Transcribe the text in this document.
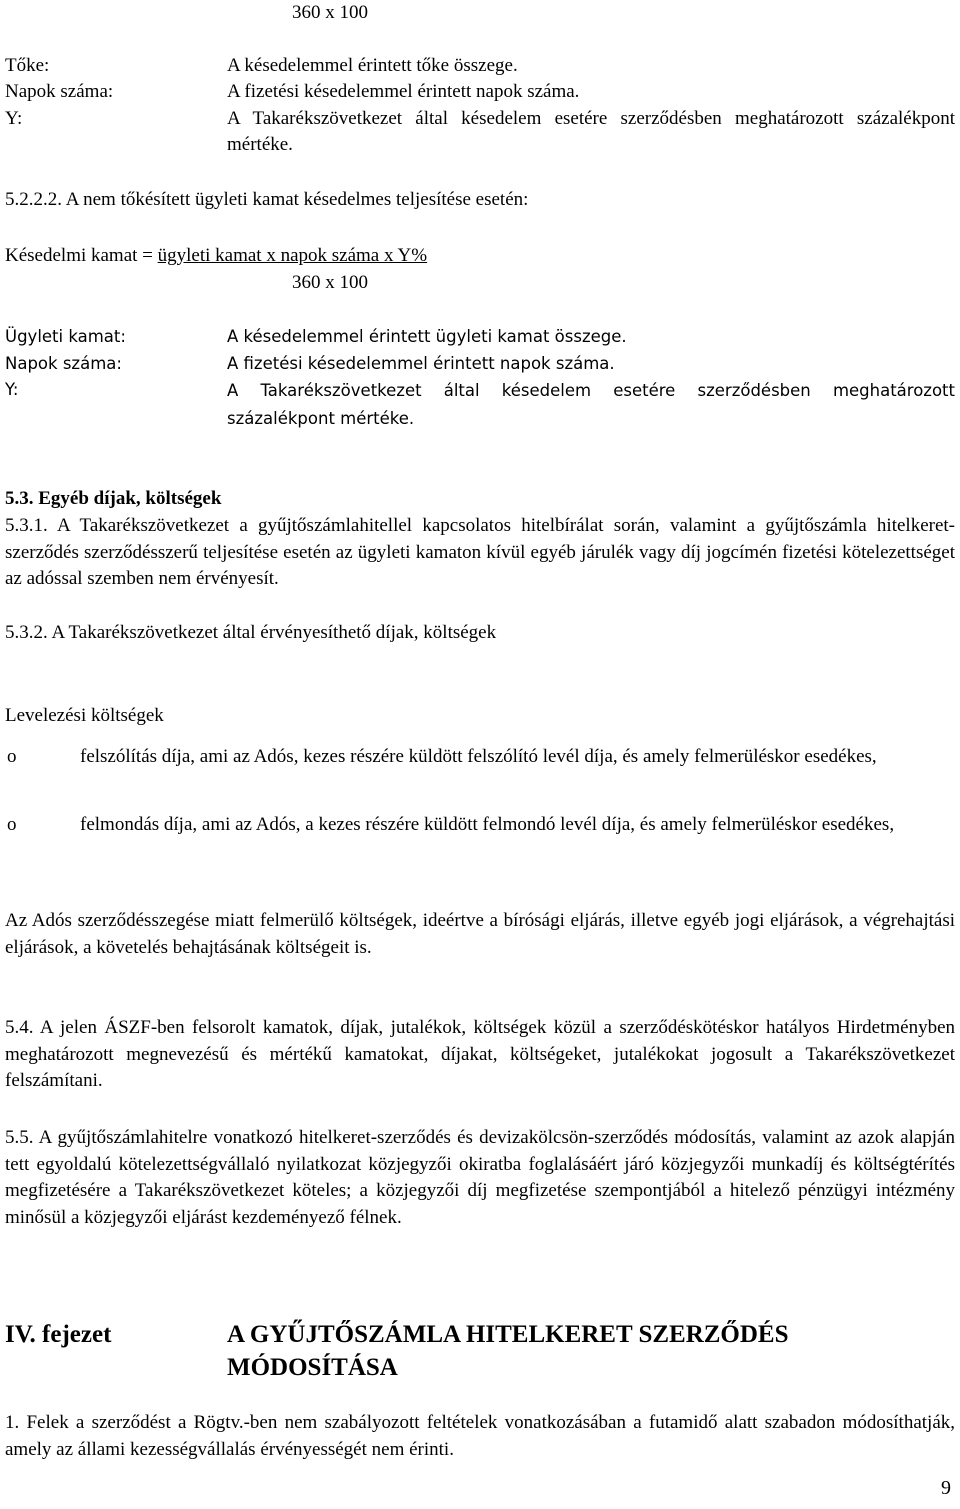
360 x 100
Tőke:	A késedelemmel érintett tőke összege.
Napok száma:	A fizetési késedelemmel érintett napok száma.
Y:	A Takarékszövetkezet által késedelem esetére szerződésben meghatározott százalékpont mértéke.
5.2.2.2. A nem tőkésített ügyleti kamat késedelmes teljesítése esetén:
Késedelmi kamat = ügyleti kamat x napok száma x Y%
360 x 100
Ügyleti kamat:	A késedelemmel érintett ügyleti kamat összege.
Napok száma:	A fizetési késedelemmel érintett napok száma.
Y:	A Takarékszövetkezet által késedelem esetére szerződésben meghatározott százalékpont mértéke.
5.3. Egyéb díjak, költségek
5.3.1. A Takarékszövetkezet a gyűjtőszámlahitellel kapcsolatos hitelbírálat során, valamint a gyűjtőszámla hitelkeret-szerződés szerződésszerű teljesítése esetén az ügyleti kamaton kívül egyéb járulék vagy díj jogcímén fizetési kötelezettséget az adóssal szemben nem érvényesít.
5.3.2. A Takarékszövetkezet által érvényesíthető díjak, költségek
Levelezési költségek
o	felszólítás díja, ami az Adós, kezes részére küldött felszólító levél díja, és amely felmerüléskor esedékes,
o	felmondás díja, ami az Adós, a kezes részére küldött felmondó levél díja, és amely felmerüléskor esedékes,
Az Adós szerződésszegése miatt felmerülő költségek, ideértve a bírósági eljárás, illetve egyéb jogi eljárások, a végrehajtási eljárások, a követelés behajtásának költségeit is.
5.4. A jelen ÁSZF-ben felsorolt kamatok, díjak, jutalékok, költségek közül a szerződéskötéskor hatályos Hirdetményben meghatározott megnevezésű és mértékű kamatokat, díjakat, költségeket, jutalékokat jogosult a Takarékszövetkezet felszámítani.
5.5. A gyűjtőszámlahitelre vonatkozó hitelkeret-szerződés és devizakölcsön-szerződés módosítás, valamint az azok alapján tett egyoldalú kötelezettségvállaló nyilatkozat közjegyzői okiratba foglalásáért járó közjegyzői munkadíj és költségtérítés megfizetésére a Takarékszövetkezet köteles; a közjegyzői díj megfizetése szempontjából a hitelező pénzügyi intézmény minősül a közjegyzői eljárást kezdeményező félnek.
IV. fejezet	A GYŰJTŐSZÁMLA HITELKERET SZERZŐDÉS
MÓDOSÍTÁSA
1. Felek a szerződést a Rögtv.-ben nem szabályozott feltételek vonatkozásában a futamidő alatt szabadon módosíthatják, amely az állami kezességvállalás érvényességét nem érinti.
9
